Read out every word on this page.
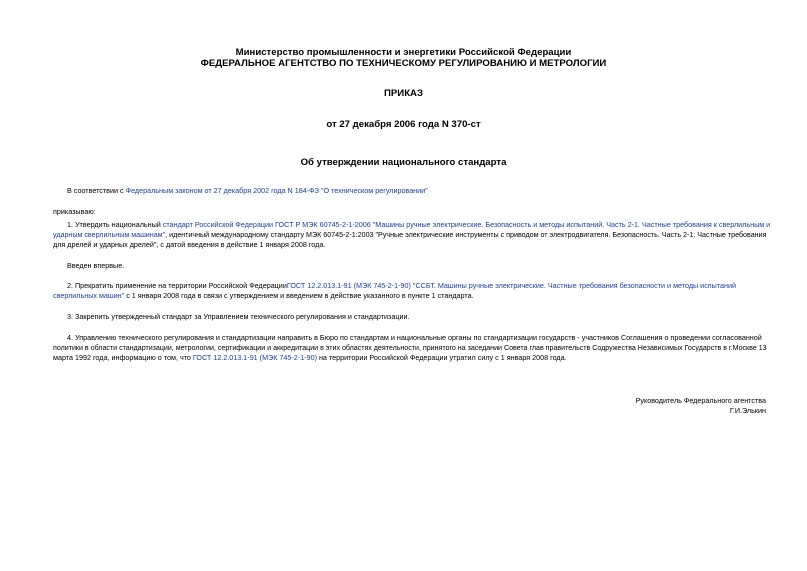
Министерство промышленности и энергетики Российской Федерации
ФЕДЕРАЛЬНОЕ АГЕНТСТВО ПО ТЕХНИЧЕСКОМУ РЕГУЛИРОВАНИЮ И МЕТРОЛОГИИ
ПРИКАЗ
от 27 декабря 2006 года N 370-ст
Об утверждении национального стандарта
В соответствии с Федеральным законом от 27 декабря 2002 года N 184-ФЗ "О техническом регулировании"
приказываю:
1. Утвердить национальный стандарт Российской Федерации ГОСТ Р МЭК 60745-2-1-2006 "Машины ручные электрические. Безопасность и методы испытаний. Часть 2-1. Частные требования к сверлильным и
ударным сверлильным машинам", идентичный международному стандарту МЭК 60745-2-1:2003 "Ручные электрические инструменты с приводом от электродвигателя. Безопасность. Часть 2-1: Частные требования
для дрелей и ударных дрелей", с датой введения в действие 1 января 2008 года.
Введен впервые.
2. Прекратить применение на территории Российской ФедерацииГОСТ 12.2.013.1-91 (МЭК 745-2-1-90) "ССБТ. Машины ручные электрические. Частные требования безопасности и методы испытаний
сверлильных машин" с 1 января 2008 года в связи с утверждением и введением в действие указанного в пункте 1 стандарта.
3. Закрепить утвержденный стандарт за Управлением технического регулирования и стандартизации.
4. Управлению технического регулирования и стандартизации направить в Бюро по стандартам и национальные органы по стандартизации государств - участников Соглашения о проведении согласованной
политики в области стандартизации, метрологии, сертификации и аккредитации в этих областях деятельности, принятого на заседании Совета глав правительств Содружества Независимых Государств в г.Москве 13
марта 1992 года, информацию о том, что ГОСТ 12.2.013.1-91 (МЭК 745-2-1-90) на территории Российской Федерации утратил силу с 1 января 2008 года.
Руководитель Федерального агентства
Г.И.Элькин
